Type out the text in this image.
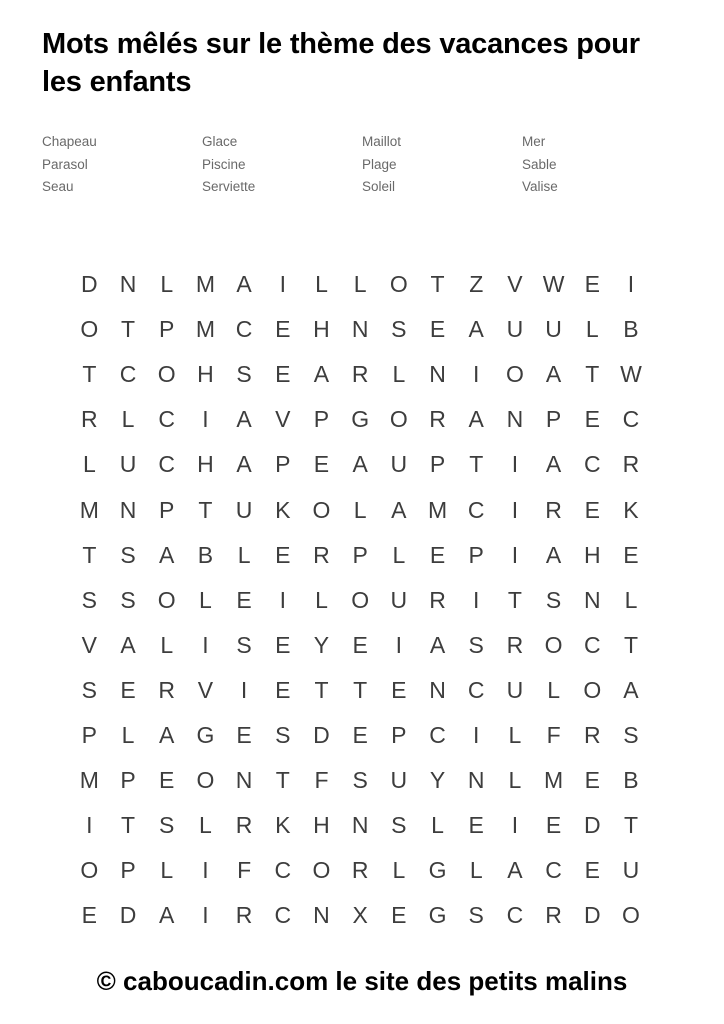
Mots mêlés sur le thème des vacances pour les enfants
Chapeau
Parasol
Seau
Glace
Piscine
Serviette
Maillot
Plage
Soleil
Mer
Sable
Valise
D N	L M A	I	L	L	O T	Z	V W E	I
O T	P M C E H N S	E	A U U	L	B
T	C O H S	E	A R	L	N	I	O A	T W
R	L	C	I	A	V	P G O R A N P	E C
L	U C H A	P	E	A U P	T	I	A C R
M N P	T	U K O	L	A M C	I	R E	K
T	S	A	B	L	E R P	L	E	P	I	A H E
S	S O	L	E	I	L	O U R	I	T	S N	L
V	A	L	I	S	E	Y	E	I	A	S R O C	T
S	E R V	I	E	T	T	E N C U	L	O A
P	L	A G E	S D E	P C	I	L	F	R S
M P	E O N	T	F	S U Y N	L M E	B
I	T	S	L	R K H N S	L	E	I	E D	T
O P	L	I	F	C O R	L	G	L	A C E U
E D A	I	R C N X	E G S C R D O
© caboucadin.com le site des petits malins
